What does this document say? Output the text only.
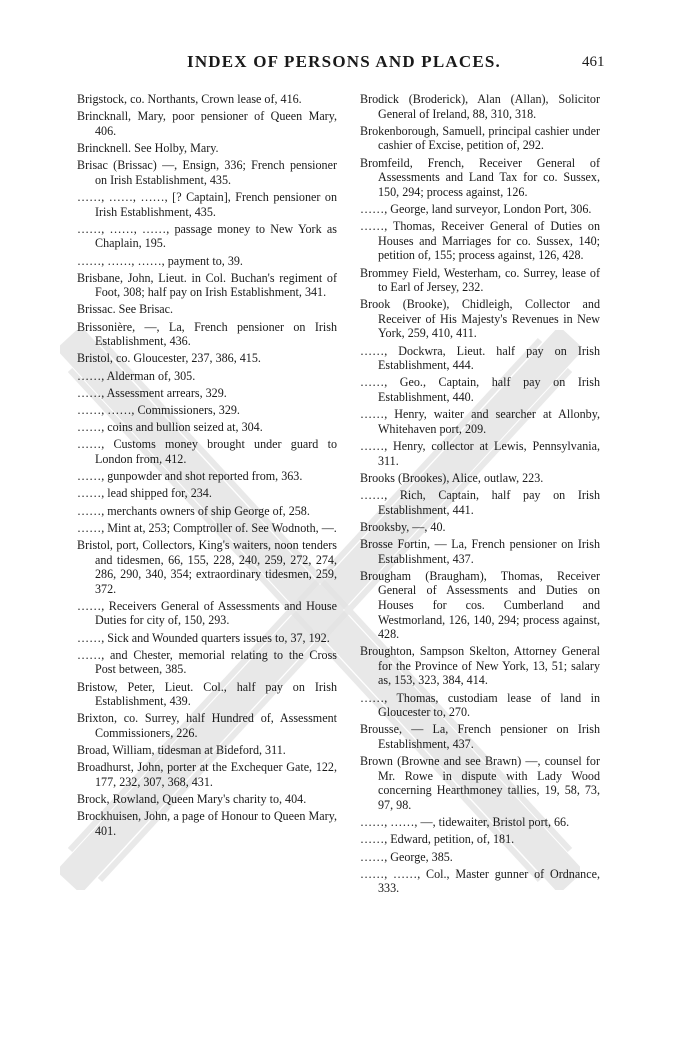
INDEX OF PERSONS AND PLACES.	461
Brigstock, co. Northants, Crown lease of, 416.
Brincknall, Mary, poor pensioner of Queen Mary, 406.
Brincknell. See Holby, Mary.
Brisac (Brissac) —, Ensign, 336; French pensioner on Irish Establishment, 435.
……, ……, ……, [? Captain], French pensioner on Irish Establishment, 435.
……, ……, ……, passage money to New York as Chaplain, 195.
……, ……, ……, payment to, 39.
Brisbane, John, Lieut. in Col. Buchan's regiment of Foot, 308; half pay on Irish Establishment, 341.
Brissac. See Brisac.
Brissonière, —, La, French pensioner on Irish Establishment, 436.
Bristol, co. Gloucester, 237, 386, 415.
……, Alderman of, 305.
……, Assessment arrears, 329.
……, ……, Commissioners, 329.
……, coins and bullion seized at, 304.
……, Customs money brought under guard to London from, 412.
……, gunpowder and shot reported from, 363.
……, lead shipped for, 234.
……, merchants owners of ship George of, 258.
……, Mint at, 253; Comptroller of. See Wodnoth, —.
Bristol, port, Collectors, King's waiters, noon tenders and tidesmen, 66, 155, 228, 240, 259, 272, 274, 286, 290, 340, 354; extraordinary tidesmen, 259, 372.
……, Receivers General of Assessments and House Duties for city of, 150, 293.
……, Sick and Wounded quarters issues to, 37, 192.
……, and Chester, memorial relating to the Cross Post between, 385.
Bristow, Peter, Lieut. Col., half pay on Irish Establishment, 439.
Brixton, co. Surrey, half Hundred of, Assessment Commissioners, 226.
Broad, William, tidesman at Bideford, 311.
Broadhurst, John, porter at the Exchequer Gate, 122, 177, 232, 307, 368, 431.
Brock, Rowland, Queen Mary's charity to, 404.
Brockhuisen, John, a page of Honour to Queen Mary, 401.
Brodick (Broderick), Alan (Allan), Solicitor General of Ireland, 88, 310, 318.
Brokenborough, Samuell, principal cashier under cashier of Excise, petition of, 292.
Bromfeild, French, Receiver General of Assessments and Land Tax for co. Sussex, 150, 294; process against, 126.
……, George, land surveyor, London Port, 306.
……, Thomas, Receiver General of Duties on Houses and Marriages for co. Sussex, 140; petition of, 155; process against, 126, 428.
Brommey Field, Westerham, co. Surrey, lease of to Earl of Jersey, 232.
Brook (Brooke), Chidleigh, Collector and Receiver of His Majesty's Revenues in New York, 259, 410, 411.
……, Dockwra, Lieut. half pay on Irish Establishment, 444.
……, Geo., Captain, half pay on Irish Establishment, 440.
……, Henry, waiter and searcher at Allonby, Whitehaven port, 209.
……, Henry, collector at Lewis, Pennsylvania, 311.
Brooks (Brookes), Alice, outlaw, 223.
……, Rich, Captain, half pay on Irish Establishment, 441.
Brooksby, —, 40.
Brosse Fortin, — La, French pensioner on Irish Establishment, 437.
Brougham (Braugham), Thomas, Receiver General of Assessments and Duties on Houses for cos. Cumberland and Westmorland, 126, 140, 294; process against, 428.
Broughton, Sampson Skelton, Attorney General for the Province of New York, 13, 51; salary as, 153, 323, 384, 414.
……, Thomas, custodiam lease of land in Gloucester to, 270.
Brousse, — La, French pensioner on Irish Establishment, 437.
Brown (Browne and see Brawn) —, counsel for Mr. Rowe in dispute with Lady Wood concerning Hearthmoney tallies, 19, 58, 73, 97, 98.
……, ……, —, tidewaiter, Bristol port, 66.
……, Edward, petition, of, 181.
……, George, 385.
……, ……, Col., Master gunner of Ordnance, 333.
